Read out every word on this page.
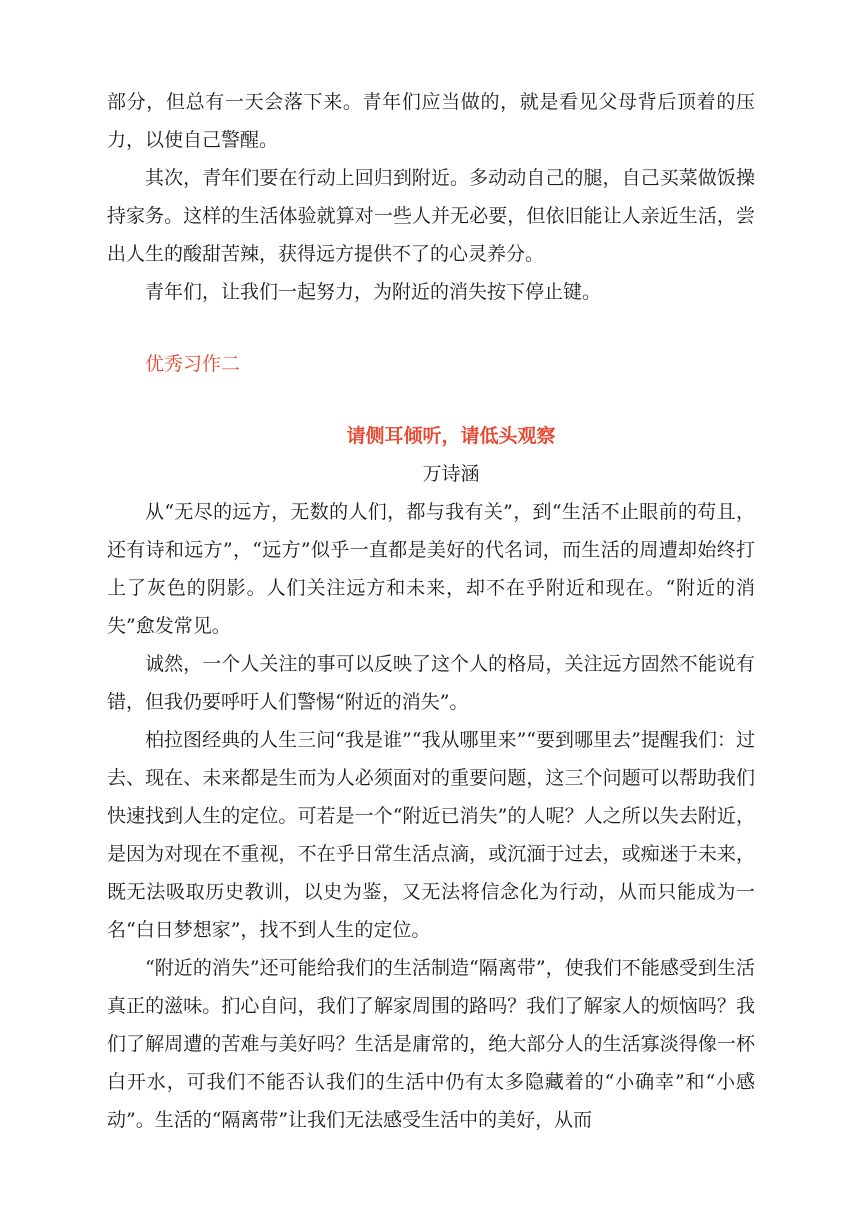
部分，但总有一天会落下来。青年们应当做的，就是看见父母背后顶着的压力，以使自己警醒。

其次，青年们要在行动上回归到附近。多动动自己的腿，自己买菜做饭操持家务。这样的生活体验就算对一些人并无必要，但依旧能让人亲近生活，尝出人生的酸甜苦辣，获得远方提供不了的心灵养分。

青年们，让我们一起努力，为附近的消失按下停止键。

优秀习作二

请侧耳倾听，请低头观察

万诗涵

从“无尽的远方，无数的人们，都与我有关”，到“生活不止眼前的苟且，还有诗和远方”，“远方”似乎一直都是美好的代名词，而生活的周遭却始终打上了灰色的阴影。人们关注远方和未来，却不在乎附近和现在。“附近的消失”愈发常见。

诚然，一个人关注的事可以反映了这个人的格局，关注远方固然不能说有错，但我仍要呼吁人们警惕“附近的消失”。

柏拉图经典的人生三问“我是谁”“我从哪里来”“要到哪里去”提醒我们：过去、现在、未来都是生而为人必须面对的重要问题，这三个问题可以帮助我们快速找到人生的定位。可若是一个“附近已消失”的人呢？人之所以失去附近，是因为对现在不重视，不在乎日常生活点滴，或沉湎于过去，或痴迷于未来，既无法吸取历史教训，以史为鉴，又无法将信念化为行动，从而只能成为一名“白日梦想家”，找不到人生的定位。

“附近的消失”还可能给我们的生活制造“隔离带”，使我们不能感受到生活真正的滋味。扪心自问，我们了解家周围的路吗？我们了解家人的烦恼吗？我们了解周遭的苦难与美好吗？生活是庸常的，绝大部分人的生活寡淡得像一杯白开水，可我们不能否认我们的生活中仍有太多隐藏着的“小确幸”和“小感动”。生活的“隔离带”让我们无法感受生活中的美好，从而
